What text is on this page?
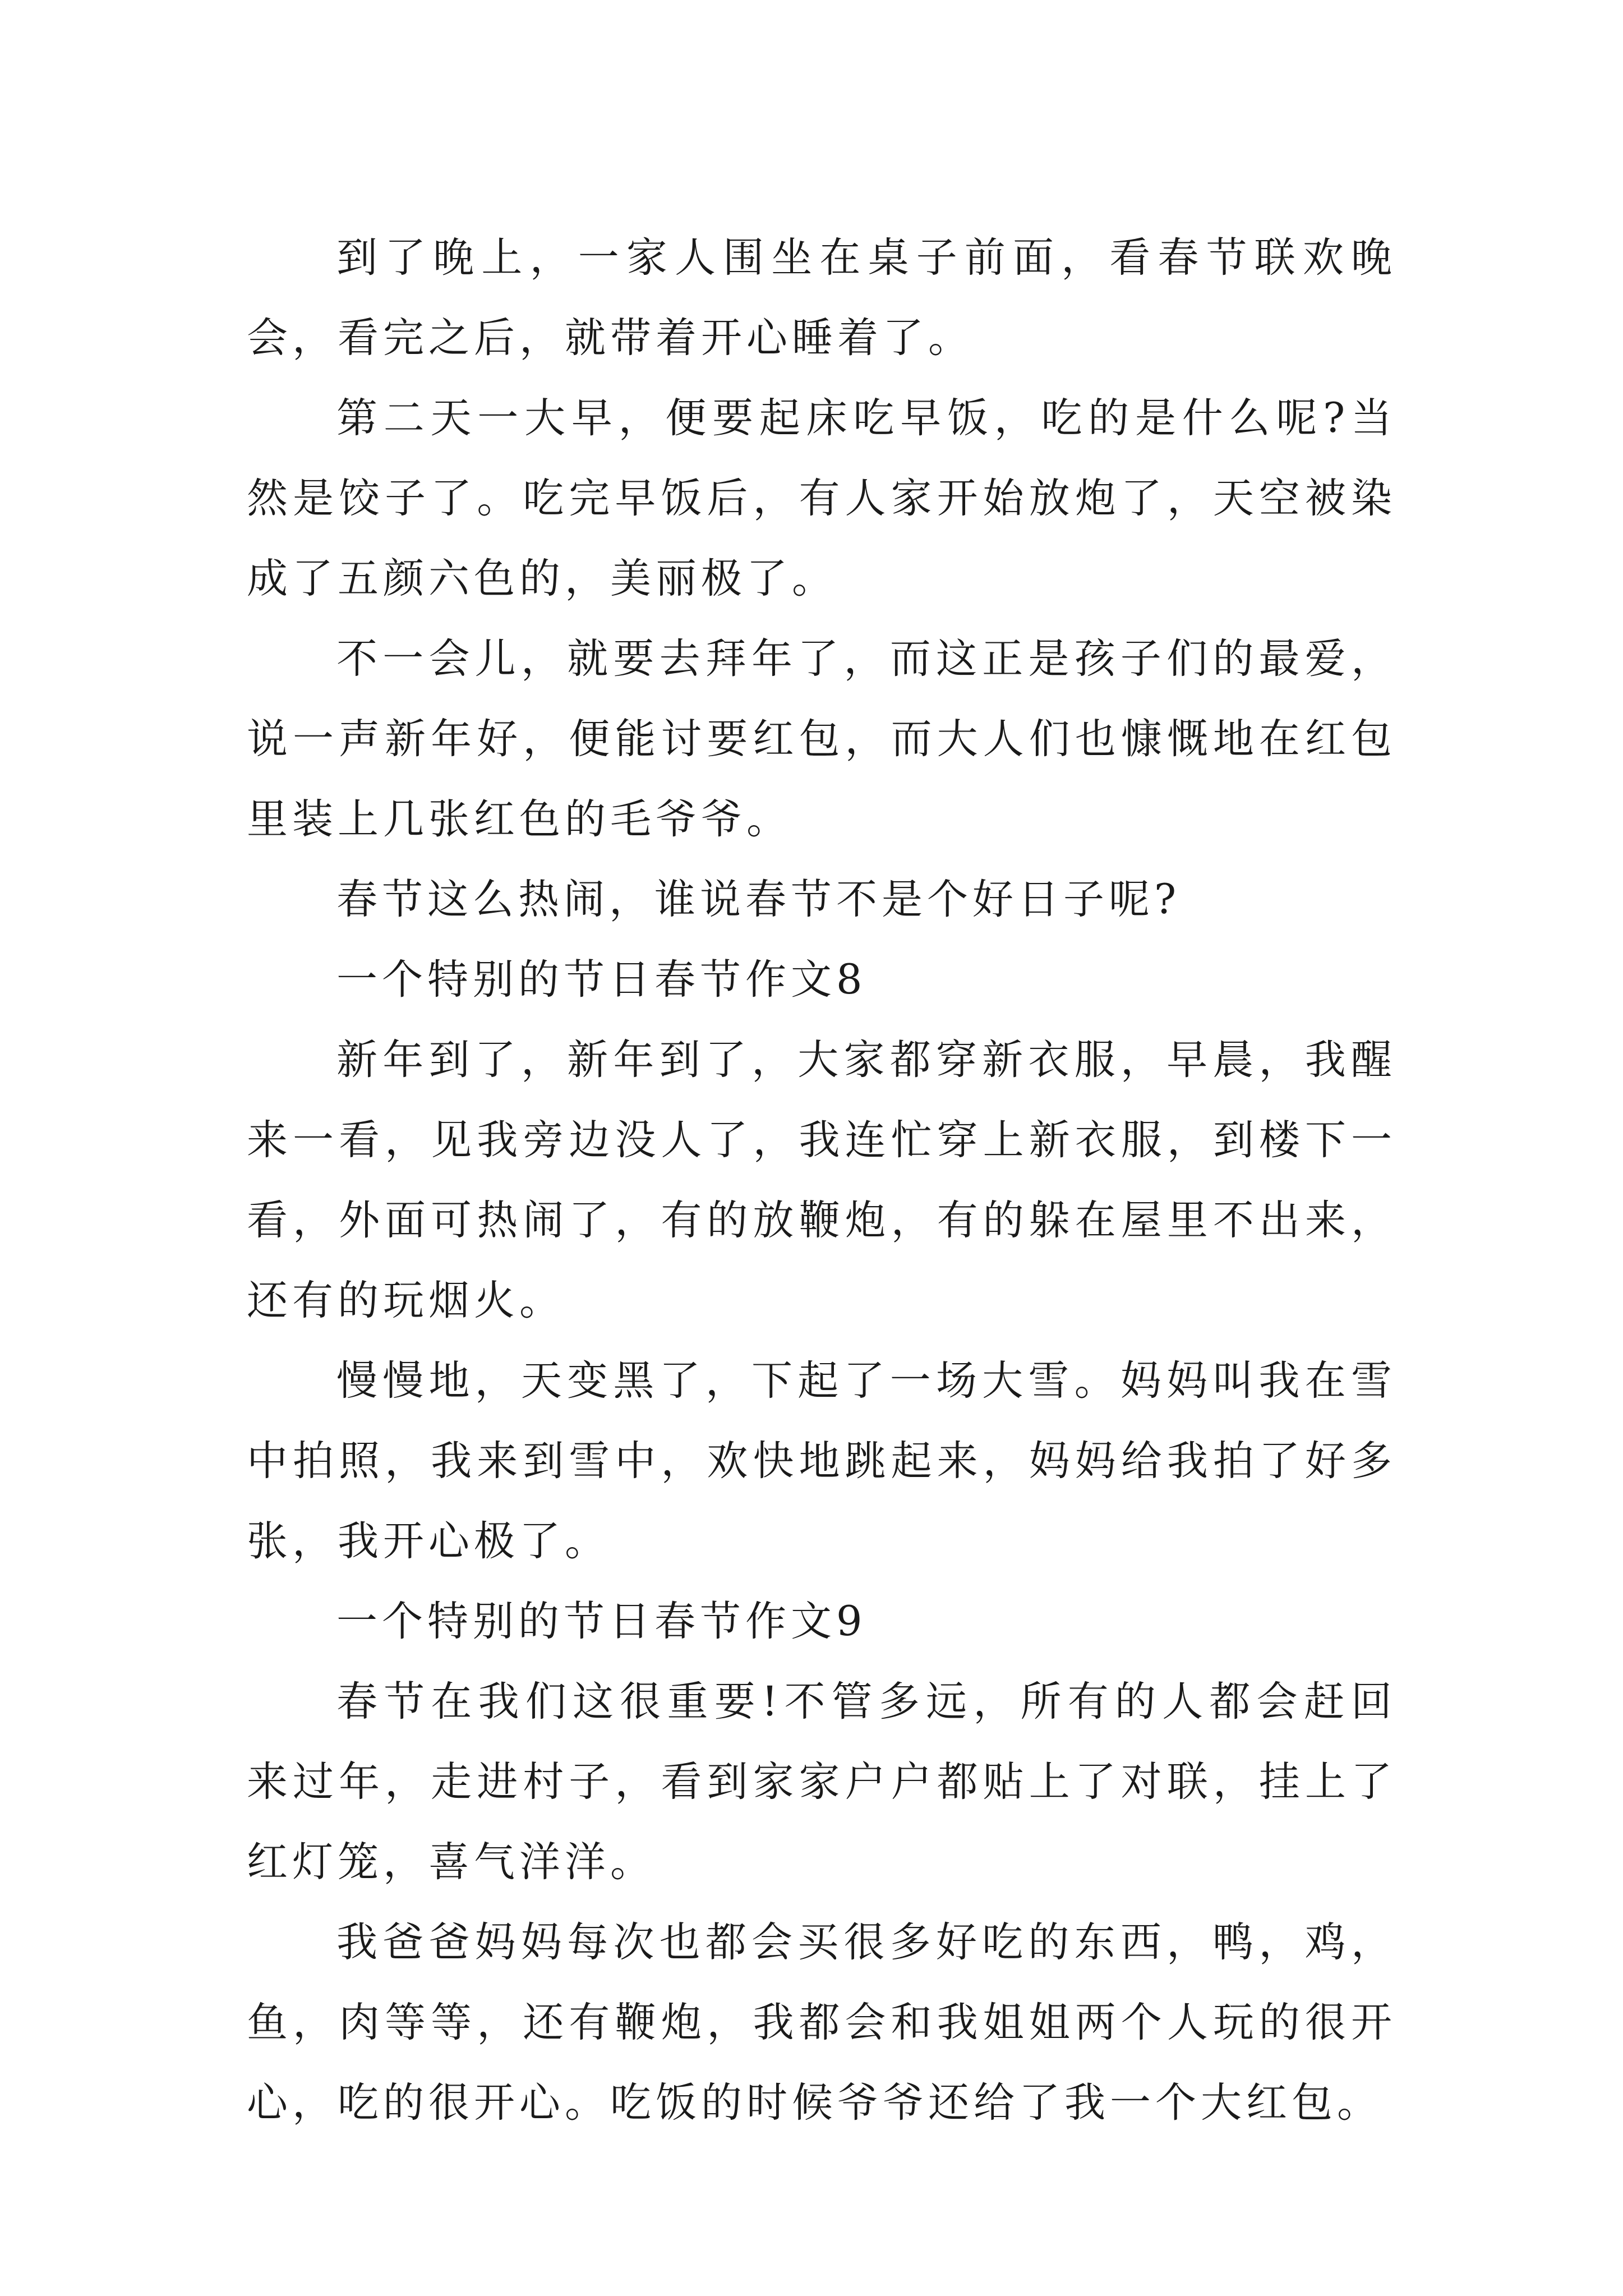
到了晚上，一家人围坐在桌子前面，看春节联欢晚会，看完之后，就带着开心睡着了。

第二天一大早，便要起床吃早饭，吃的是什么呢?当然是饺子了。吃完早饭后，有人家开始放炮了，天空被染成了五颜六色的，美丽极了。

不一会儿，就要去拜年了，而这正是孩子们的最爱，说一声新年好，便能讨要红包，而大人们也慷慨地在红包里装上几张红色的毛爷爷。

春节这么热闹，谁说春节不是个好日子呢?

一个特别的节日春节作文8

新年到了，新年到了，大家都穿新衣服，早晨，我醒来一看，见我旁边没人了，我连忙穿上新衣服，到楼下一看，外面可热闹了，有的放鞭炮，有的躲在屋里不出来，还有的玩烟火。

慢慢地，天变黑了，下起了一场大雪。妈妈叫我在雪中拍照，我来到雪中，欢快地跳起来，妈妈给我拍了好多张，我开心极了。

一个特别的节日春节作文9

春节在我们这很重要!不管多远，所有的人都会赶回来过年，走进村子，看到家家户户都贴上了对联，挂上了红灯笼，喜气洋洋。

我爸爸妈妈每次也都会买很多好吃的东西，鸭，鸡，鱼，肉等等，还有鞭炮，我都会和我姐姐两个人玩的很开心，吃的很开心。吃饭的时候爷爷还给了我一个大红包。
